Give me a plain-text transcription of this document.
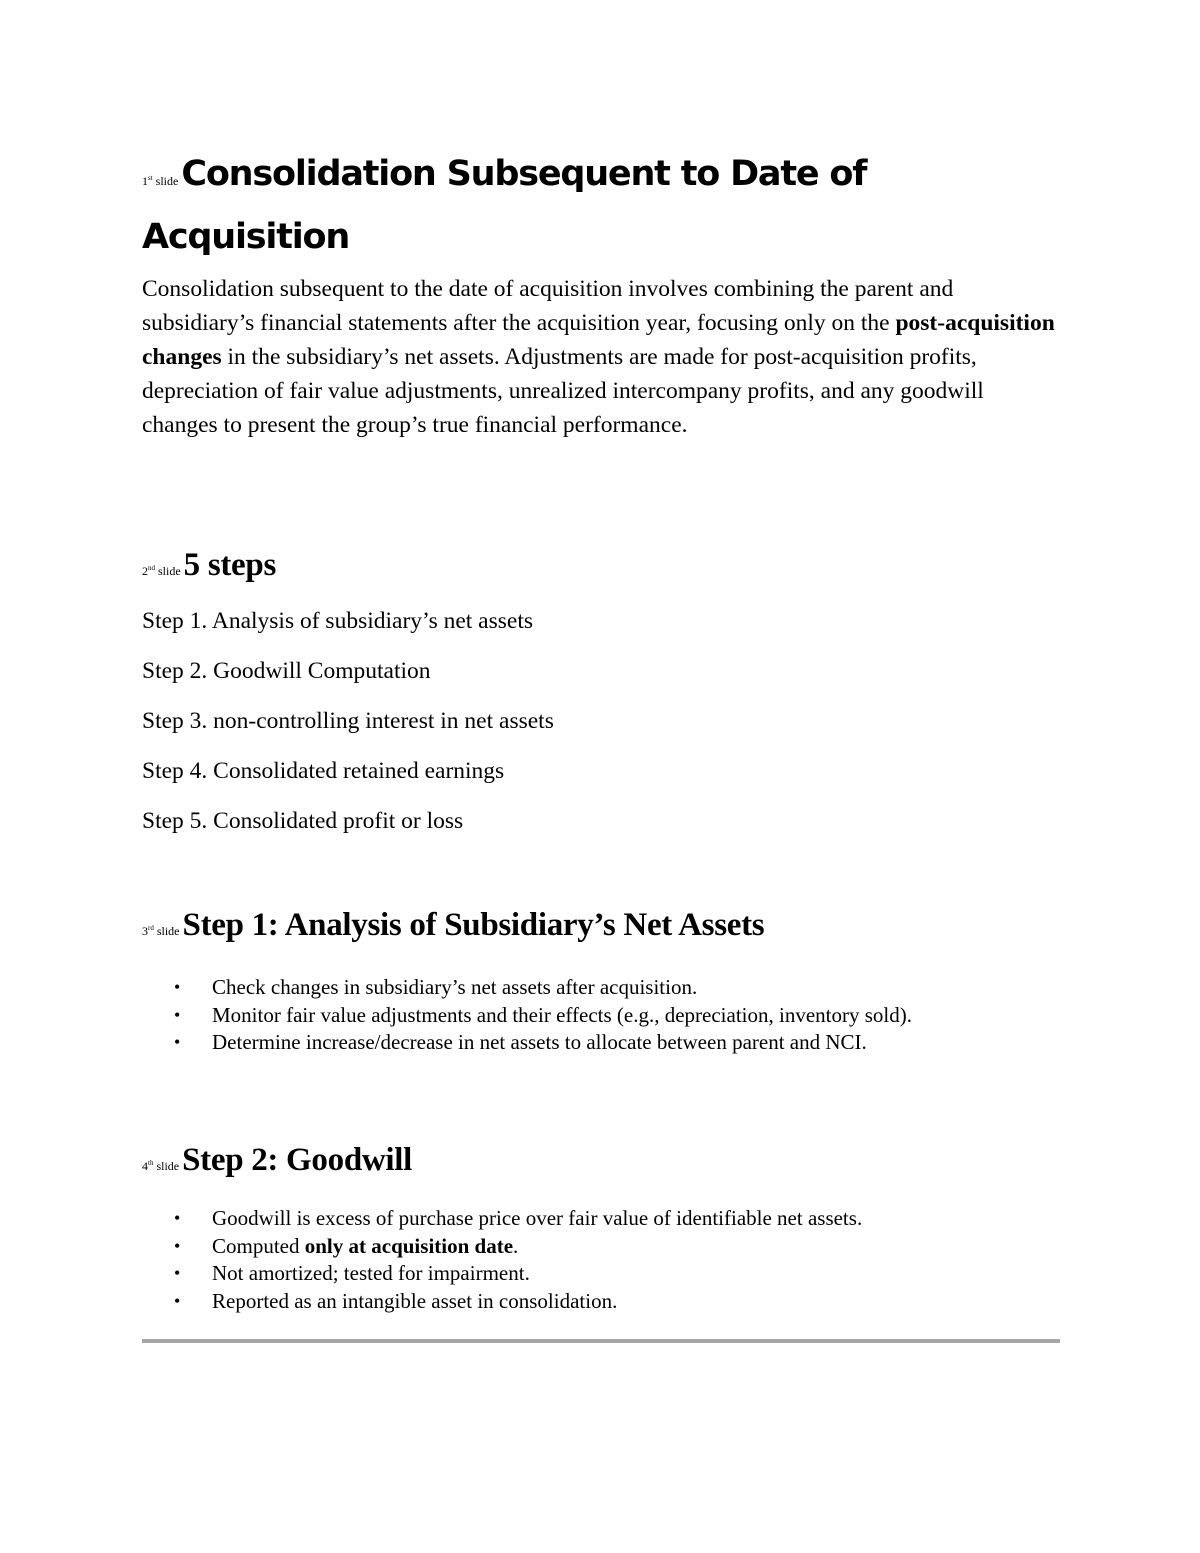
1st slideConsolidation Subsequent to Date of Acquisition

Consolidation subsequent to the date of acquisition involves combining the parent and subsidiary’s financial statements after the acquisition year, focusing only on the post-acquisition changes in the subsidiary’s net assets. Adjustments are made for post-acquisition profits, depreciation of fair value adjustments, unrealized intercompany profits, and any goodwill changes to present the group’s true financial performance.

2nd slide5 steps
Step 1. Analysis of subsidiary’s net assets
Step 2. Goodwill Computation
Step 3. non-controlling interest in net assets
Step 4. Consolidated retained earnings
Step 5. Consolidated profit or loss
3rd slideStep 1: Analysis of Subsidiary’s Net Assets
• Check changes in subsidiary’s net assets after acquisition.
• Monitor fair value adjustments and their effects (e.g., depreciation, inventory sold).
• Determine increase/decrease in net assets to allocate between parent and NCI.
4th slideStep 2: Goodwill
• Goodwill is excess of purchase price over fair value of identifiable net assets.
• Computed only at acquisition date.
• Not amortized; tested for impairment.
• Reported as an intangible asset in consolidation.
